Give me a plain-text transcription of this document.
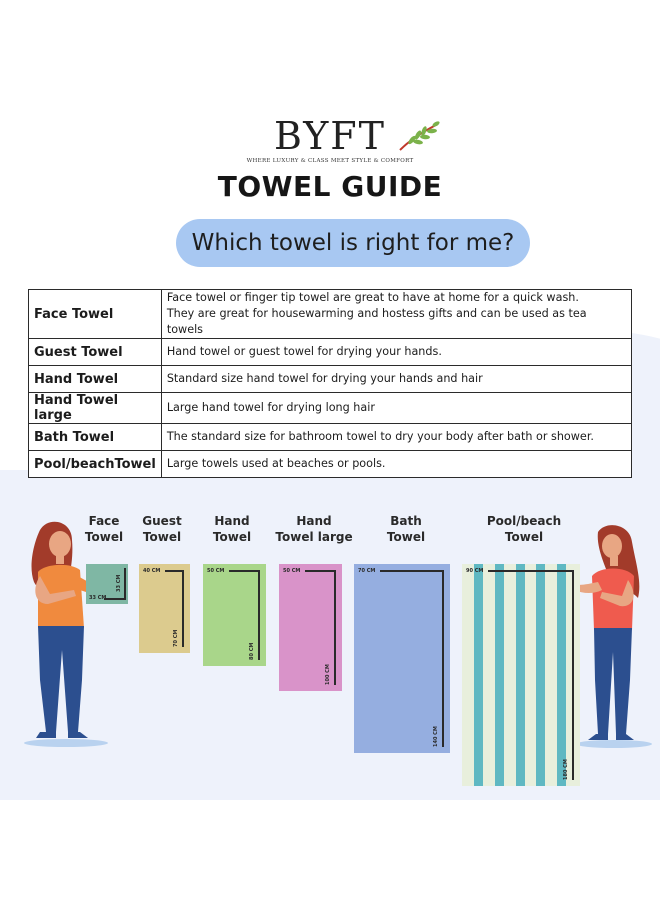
BYFT
WHERE LUXURY & CLASS MEET STYLE & COMFORT
TOWEL GUIDE
Which towel is right for me?
Face Towel	Face towel or finger tip towel are great to have at home for a quick wash.
They are great for housewarming and hostess gifts and can be used as tea towels

Guest Towel	Hand towel or guest towel for drying your hands.

Hand Towel	Standard size hand towel for drying your hands and hair

Hand Towel large	Large hand towel for drying long hair

Bath Towel	The standard size for bathroom towel to dry your body after bath or shower.

Pool/beachTowel	Large towels used at beaches or pools.
Face
Towel
33 CM
33 CM
Guest
Towel
40 CM
70 CM
Hand
Towel
50 CM
80 CM
Hand
Towel large
50 CM
100 CM
Bath
Towel
70 CM
140 CM
Pool/beach
Towel
90 CM
180 CM
